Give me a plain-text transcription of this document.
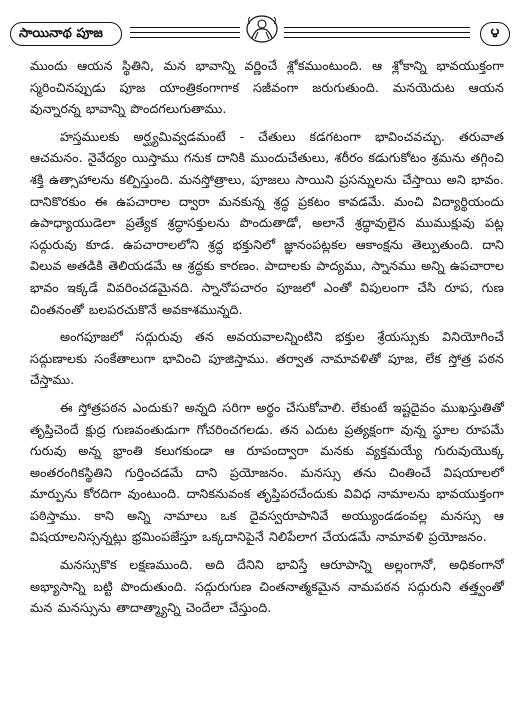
సాయినాథ పూజ	౪

ముందు ఆయన స్థితిని, మన భావాన్ని వర్ణించే శ్లోకముంటుంది. ఆ శ్లోకాన్ని భావయుక్తంగా స్మరించినప్పుడు పూజ యాంత్రికంగాగాక సజీవంగా జరుగుతుంది. మనయెదుట ఆయన వున్నారన్న భావాన్ని పొందగలుగుతాము.

హస్తములకు అర్ఘ్యమివ్వడమంటే - చేతులు కడగటంగా భావించవచ్చు. తరువాత ఆచమనం. నైవేద్యం యిస్తాము గనుక దానికి ముందుచేతులు, శరీరం కడుగుకోటం శ్రమను తగ్గించి శక్తి ఉత్సాహాలను కల్పిస్తుంది. మనస్తోత్రాలు, పూజలు సాయిని ప్రసన్నులను చేస్తాయి అని భావం. దానికొరకుం ఈ ఉపచారాల ద్వారా మనకున్న శ్రద్ధ ప్రకటం కావడమే. మంచి విద్యార్థియందు ఉపాధ్యాయుడెలా ప్రత్యేక శ్రద్ధాసక్తులను పొందుతాడో, అలానే శ్రద్ధావులైన ముముక్షువు పట్ల సద్గురువు కూడ. ఉపచారాలలోని శ్రద్ధ భక్తునిలో జ్ఞానంపట్లకల ఆకాంక్షను తెల్పుతుంది. దాని విలువ అతడికి తెలియడమే ఆ శ్రద్ధకు కారణం. పాదాలకు పాద్యము, స్నానము అన్ని ఉపచారాల భావం ఇక్కడే వివరించడమైనది. స్నానోపచారం పూజలో ఎంతో విపులంగా చేసి రూప, గుణ చింతనంతో బలపరచుకొనే అవకాశమున్నది.

అంగపూజలో సద్గురువు తన అవయవాలన్నింటిని భక్తుల శ్రేయస్సుకు వినియోగించే సద్గుణాలకు సంకేతాలుగా భావించి పూజిస్తాము. తర్వాత నామావళితో పూజ, లేక స్తోత్ర పఠన చేస్తాము.

ఈ స్తోత్రపఠన ఎందుకు? అన్నది సరిగా అర్థం చేసుకోవాలి. లేకుంటే ఇష్టదైవం ముఖస్తుతితో తృప్తిచెందే క్షుద్ర గుణవంతుడుగా గోచరించగలడు. తన ఎదుట ప్రత్యక్షంగా వున్న స్థూల రూపమే గురువు అన్న భ్రాంతి కలుగకుండా ఆ రూపంద్వారా మనకు వ్యక్తమయ్యే గురువుయొక్క అంతరంగికస్థితిని గుర్తించడమే దాని ప్రయోజనం. మనస్సు తను చింతించే విషయాలలో మార్పును కోరదిగా వుంటుంది. దానికనువంక తృప్తిపరచేందుకు వివిధ నామాలను భావయుక్తంగా పఠిస్తాము. కాని అన్ని నామాలు ఒక దైవస్వరూపానివే అయ్యుండడంవల్ల మనస్సు ఆ విషయాలనిస్సన్నట్లు భ్రమింపజేస్తూ ఒక్కదానిపైనే నిలిపేలాగ చేయడమే నామావళి ప్రయోజనం.

మనస్సుకొక లక్షణముంది. అది దేనిని భావిస్తే ఆరూపాన్ని అల్లంగానో, అధికంగానో అభ్యాసాన్ని బట్టి పొందుతుంది. సద్గురుగుణ చింతనాత్మకమైన నామపఠన సద్గురుని తత్త్వంతో మన మనస్సును తాదాత్మ్యాన్ని చెందేలా చేస్తుంది.
